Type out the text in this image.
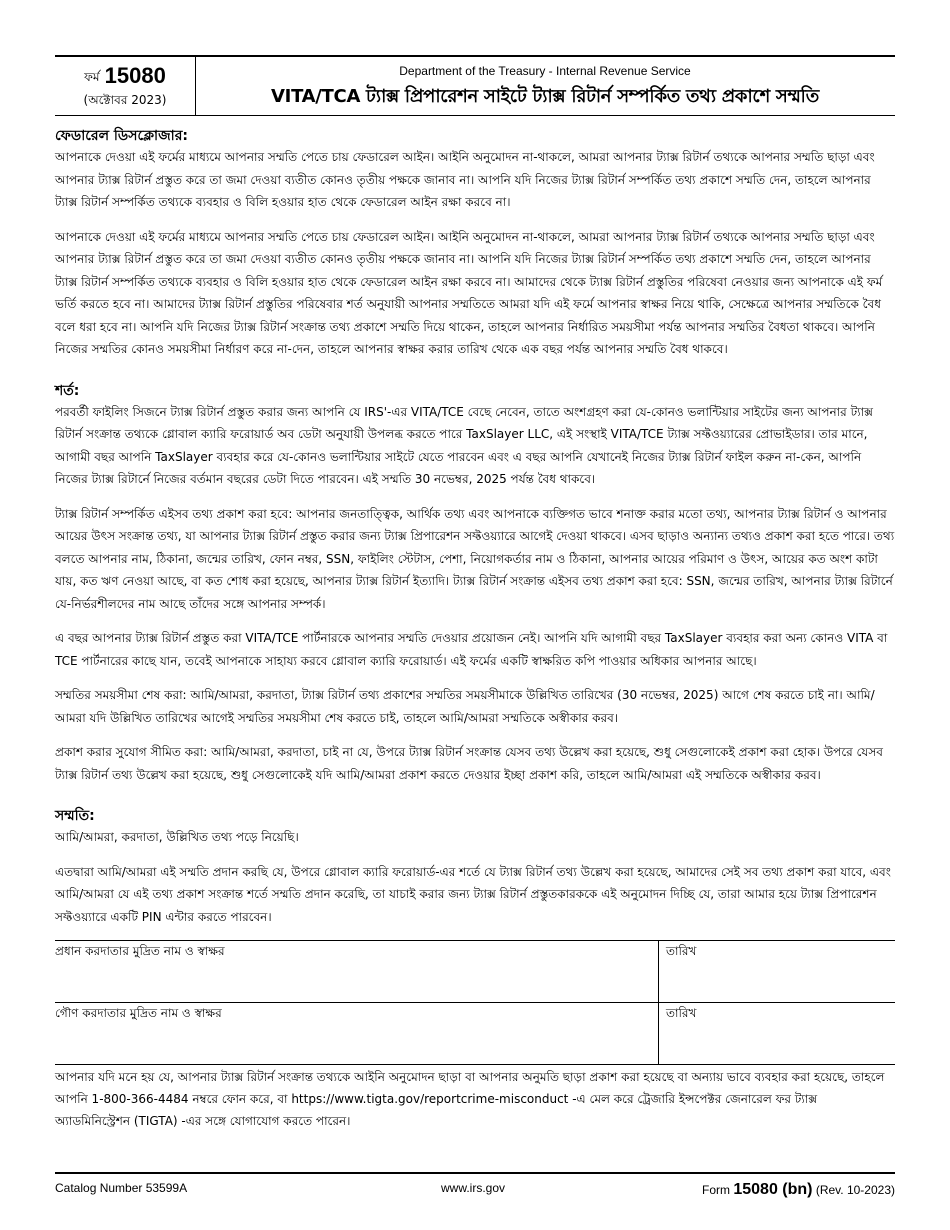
ফর্ম 15080
(অক্টোবর 2023)
Department of the Treasury - Internal Revenue Service
VITA/TCA ট্যাক্স প্রিপারেশন সাইটে ট্যাক্স রিটার্ন সম্পর্কিত তথ্য প্রকাশে সম্মতি
ফেডারেল ডিসক্লোজার:

আপনাকে দেওয়া এই ফর্মের মাধ্যমে আপনার সম্মতি পেতে চায় ফেডারেল আইন। আইনি অনুমোদন না-থাকলে, আমরা আপনার ট্যাক্স রিটার্ন তথ্যকে আপনার সম্মতি ছাড়া এবং আপনার ট্যাক্স রিটার্ন প্রস্তুত করে তা জমা দেওয়া ব্যতীত কোনও তৃতীয় পক্ষকে জানাব না। আপনি যদি নিজের ট্যাক্স রিটার্ন সম্পর্কিত তথ্য প্রকাশে সম্মতি দেন, তাহলে আপনার ট্যাক্স রিটার্ন সম্পর্কিত তথ্যকে ব্যবহার ও বিলি হওয়ার হাত থেকে ফেডারেল আইন রক্ষা করবে না।

আপনাকে দেওয়া এই ফর্মের মাধ্যমে আপনার সম্মতি পেতে চায় ফেডারেল আইন। আইনি অনুমোদন না-থাকলে, আমরা আপনার ট্যাক্স রিটার্ন তথ্যকে আপনার সম্মতি ছাড়া এবং আপনার ট্যাক্স রিটার্ন প্রস্তুত করে তা জমা দেওয়া ব্যতীত কোনও তৃতীয় পক্ষকে জানাব না। আপনি যদি নিজের ট্যাক্স রিটার্ন সম্পর্কিত তথ্য প্রকাশে সম্মতি দেন, তাহলে আপনার ট্যাক্স রিটার্ন সম্পর্কিত তথ্যকে ব্যবহার ও বিলি হওয়ার হাত থেকে ফেডারেল আইন রক্ষা করবে না। আমাদের থেকে ট্যাক্স রিটার্ন প্রস্তুতির পরিষেবা নেওয়ার জন্য আপনাকে এই ফর্ম ভর্তি করতে হবে না। আমাদের ট্যাক্স রিটার্ন প্রস্তুতির পরিষেবার শর্ত অনুযায়ী আপনার সম্মতিতে আমরা যদি এই ফর্মে আপনার স্বাক্ষর নিয়ে থাকি, সেক্ষেত্রে আপনার সম্মতিকে বৈধ বলে ধরা হবে না। আপনি যদি নিজের ট্যাক্স রিটার্ন সংক্রান্ত তথ্য প্রকাশে সম্মতি দিয়ে থাকেন, তাহলে আপনার নির্ধারিত সময়সীমা পর্যন্ত আপনার সম্মতির বৈধতা থাকবে। আপনি নিজের সম্মতির কোনও সময়সীমা নির্ধারণ করে না-দেন, তাহলে আপনার স্বাক্ষর করার তারিখ থেকে এক বছর পর্যন্ত আপনার সম্মতি বৈধ থাকবে।

শর্ত:

পরবর্তী ফাইলিং সিজনে ট্যাক্স রিটার্ন প্রস্তুত করার জন্য আপনি যে IRS'-এর VITA/TCE বেছে নেবেন, তাতে অংশগ্রহণ করা যে-কোনও ভলান্টিয়ার সাইটের জন্য আপনার ট্যাক্স রিটার্ন সংক্রান্ত তথ্যকে গ্লোবাল ক্যারি ফরোয়ার্ড অব ডেটা অনুযায়ী উপলব্ধ করতে পারে TaxSlayer LLC, এই সংস্থাই VITA/TCE ট্যাক্স সফ্টওয়্যারের প্রোভাইডার। তার মানে, আগামী বছর আপনি TaxSlayer ব্যবহার করে যে-কোনও ভলান্টিয়ার সাইটে যেতে পারবেন এবং এ বছর আপনি যেখানেই নিজের ট্যাক্স রিটার্ন ফাইল করুন না-কেন, আপনি নিজের ট্যাক্স রিটার্নে নিজের বর্তমান বছরের ডেটা দিতে পারবেন। এই সম্মতি 30 নভেম্বর, 2025 পর্যন্ত বৈধ থাকবে।

ট্যাক্স রিটার্ন সম্পর্কিত এইসব তথ্য প্রকাশ করা হবে: আপনার জনতাত্ত্বিক, আর্থিক তথ্য এবং আপনাকে ব্যক্তিগত ভাবে শনাক্ত করার মতো তথ্য, আপনার ট্যাক্স রিটার্ন ও আপনার আয়ের উৎস সংক্রান্ত তথ্য, যা আপনার ট্যাক্স রিটার্ন প্রস্তুত করার জন্য ট্যাক্স প্রিপারেশন সফ্টওয়্যারে আগেই দেওয়া থাকবে। এসব ছাড়াও অন্যান্য তথ্যও প্রকাশ করা হতে পারে। তথ্য বলতে আপনার নাম, ঠিকানা, জন্মের তারিখ, ফোন নম্বর, SSN, ফাইলিং স্টেটাস, পেশা, নিয়োগকর্তার নাম ও ঠিকানা, আপনার আয়ের পরিমাণ ও উৎস, আয়ের কত অংশ কাটা যায়, কত ঋণ নেওয়া আছে, বা কত শোধ করা হয়েছে, আপনার ট্যাক্স রিটার্ন ইত্যাদি। ট্যাক্স রিটার্ন সংক্রান্ত এইসব তথ্য প্রকাশ করা হবে: SSN, জন্মের তারিখ, আপনার ট্যাক্স রিটার্নে যে-নির্ভরশীলদের নাম আছে তাঁদের সঙ্গে আপনার সম্পর্ক।

এ বছর আপনার ট্যাক্স রিটার্ন প্রস্তুত করা VITA/TCE পার্টনারকে আপনার সম্মতি দেওয়ার প্রয়োজন নেই। আপনি যদি আগামী বছর TaxSlayer ব্যবহার করা অন্য কোনও VITA বা TCE পার্টনারের কাছে যান, তবেই আপনাকে সাহায্য করবে গ্লোবাল ক্যারি ফরোয়ার্ড। এই ফর্মের একটি স্বাক্ষরিত কপি পাওয়ার অধিকার আপনার আছে।

সম্মতির সময়সীমা শেষ করা: আমি/আমরা, করদাতা, ট্যাক্স রিটার্ন তথ্য প্রকাশের সম্মতির সময়সীমাকে উল্লিখিত তারিখের (30 নভেম্বর, 2025) আগে শেষ করতে চাই না। আমি/আমরা যদি উল্লিখিত তারিখের আগেই সম্মতির সময়সীমা শেষ করতে চাই, তাহলে আমি/আমরা সম্মতিকে অস্বীকার করব।

প্রকাশ করার সুযোগ সীমিত করা: আমি/আমরা, করদাতা, চাই না যে, উপরে ট্যাক্স রিটার্ন সংক্রান্ত যেসব তথ্য উল্লেখ করা হয়েছে, শুধু সেগুলোকেই প্রকাশ করা হোক। উপরে যেসব ট্যাক্স রিটার্ন তথ্য উল্লেখ করা হয়েছে, শুধু সেগুলোকেই যদি আমি/আমরা প্রকাশ করতে দেওয়ার ইচ্ছা প্রকাশ করি, তাহলে আমি/আমরা এই সম্মতিকে অস্বীকার করব।

সম্মতি:

আমি/আমরা, করদাতা, উল্লিখিত তথ্য পড়ে নিয়েছি।

এতদ্বারা আমি/আমরা এই সম্মতি প্রদান করছি যে, উপরে গ্লোবাল ক্যারি ফরোয়ার্ড-এর শর্তে যে ট্যাক্স রিটার্ন তথ্য উল্লেখ করা হয়েছে, আমাদের সেই সব তথ্য প্রকাশ করা যাবে, এবং আমি/আমরা যে এই তথ্য প্রকাশ সংক্রান্ত শর্তে সম্মতি প্রদান করেছি, তা যাচাই করার জন্য ট্যাক্স রিটার্ন প্রস্তুতকারককে এই অনুমোদন দিচ্ছি যে, তারা আমার হয়ে ট্যাক্স প্রিপারেশন সফ্টওয়্যারে একটি PIN এন্টার করতে পারবেন।

প্রধান করদাতার মুদ্রিত নাম ও স্বাক্ষর	তারিখ
গৌণ করদাতার মুদ্রিত নাম ও স্বাক্ষর	তারিখ
আপনার যদি মনে হয় যে, আপনার ট্যাক্স রিটার্ন সংক্রান্ত তথ্যকে আইনি অনুমোদন ছাড়া বা আপনার অনুমতি ছাড়া প্রকাশ করা হয়েছে বা অন্যায় ভাবে ব্যবহার করা হয়েছে, তাহলে আপনি 1-800-366-4484 নম্বরে ফোন করে, বা https://www.tigta.gov/reportcrime-misconduct -এ মেল করে ট্রেজারি ইন্সপেক্টর জেনারেল ফর ট্যাক্স অ্যাডমিনিস্ট্রেশন (TIGTA) -এর সঙ্গে যোগাযোগ করতে পারেন।
Catalog Number 53599A	www.irs.gov	Form 15080 (bn) (Rev. 10-2023)
